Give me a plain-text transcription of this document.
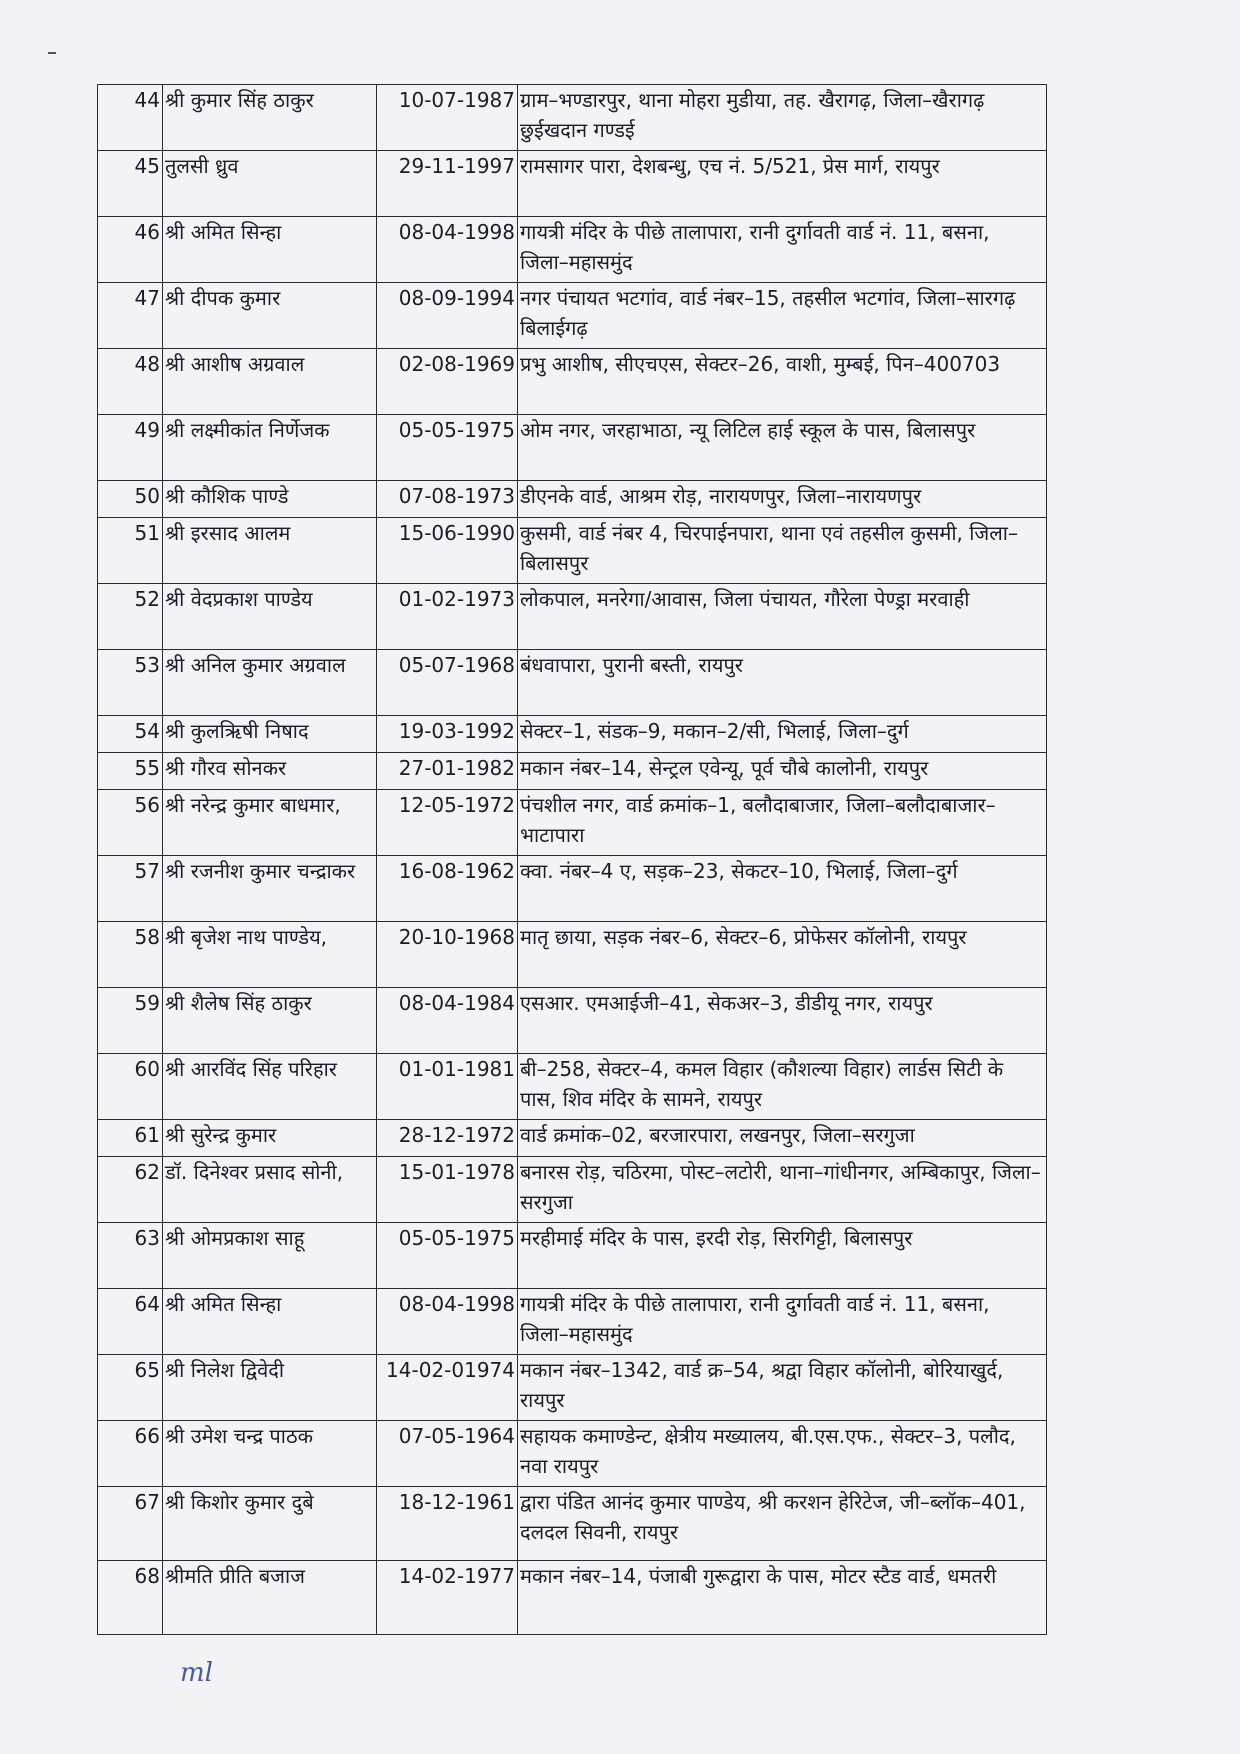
44	श्री कुमार सिंह ठाकुर	10-07-1987	ग्राम–भण्डारपुर, थाना मोहरा मुडीया, तह. खैरागढ़, जिला–खैरागढ़ छुईखदान गण्डई
45	तुलसी ध्रुव	29-11-1997	रामसागर पारा, देशबन्धु, एच नं. 5/521, प्रेस मार्ग, रायपुर
46	श्री अमित सिन्हा	08-04-1998	गायत्री मंदिर के पीछे तालापारा, रानी दुर्गावती वार्ड नं. 11, बसना, जिला–महासमुंद
47	श्री दीपक कुमार	08-09-1994	नगर पंचायत भटगांव, वार्ड नंबर–15, तहसील भटगांव, जिला–सारगढ़ बिलाईगढ़
48	श्री आशीष अग्रवाल	02-08-1969	प्रभु आशीष, सीएचएस, सेक्टर–26, वाशी, मुम्बई, पिन–400703
49	श्री लक्ष्मीकांत निर्णेजक	05-05-1975	ओम नगर, जरहाभाठा, न्यू लिटिल हाई स्कूल के पास, बिलासपुर
50	श्री कौशिक पाण्डे	07-08-1973	डीएनके वार्ड, आश्रम रोड़, नारायणपुर, जिला–नारायणपुर
51	श्री इरसाद आलम	15-06-1990	कुसमी, वार्ड नंबर 4, चिरपाईनपारा, थाना एवं तहसील कुसमी, जिला–बिलासपुर
52	श्री वेदप्रकाश पाण्डेय	01-02-1973	लोकपाल, मनरेगा/आवास, जिला पंचायत, गौरेला पेण्ड्रा मरवाही
53	श्री अनिल कुमार अग्रवाल	05-07-1968	बंधवापारा, पुरानी बस्ती, रायपुर
54	श्री कुलऋिषी निषाद	19-03-1992	सेक्टर–1, संडक–9, मकान–2/सी, भिलाई, जिला–दुर्ग
55	श्री गौरव सोनकर	27-01-1982	मकान नंबर–14, सेन्ट्रल एवेन्यू, पूर्व चौबे कालोनी, रायपुर
56	श्री नरेन्द्र कुमार बाधमार,	12-05-1972	पंचशील नगर, वार्ड क्रमांक–1, बलौदाबाजार, जिला–बलौदाबाजार–भाटापारा
57	श्री रजनीश कुमार चन्द्राकर	16-08-1962	क्वा. नंबर–4 ए, सड़क–23, सेकटर–10, भिलाई, जिला–दुर्ग
58	श्री बृजेश नाथ पाण्डेय,	20-10-1968	मातृ छाया, सड़क नंबर–6, सेक्टर–6, प्रोफेसर कॉलोनी, रायपुर
59	श्री शैलेष सिंह ठाकुर	08-04-1984	एसआर. एमआईजी–41, सेकअर–3, डीडीयू नगर, रायपुर
60	श्री आरविंद सिंह परिहार	01-01-1981	बी–258, सेक्टर–4, कमल विहार (कौशल्या विहार) लार्डस सिटी के पास, शिव मंदिर के सामने, रायपुर
61	श्री सुरेन्द्र कुमार	28-12-1972	वार्ड क्रमांक–02, बरजारपारा, लखनपुर, जिला–सरगुजा
62	डॉ. दिनेश्वर प्रसाद सोनी,	15-01-1978	बनारस रोड़, चठिरमा, पोस्ट–लटोरी, थाना–गांधीनगर, अम्बिकापुर, जिला–सरगुजा
63	श्री ओमप्रकाश साहू	05-05-1975	मरहीमाई मंदिर के पास, इरदी रोड़, सिरगिट्टी, बिलासपुर
64	श्री अमित सिन्हा	08-04-1998	गायत्री मंदिर के पीछे तालापारा, रानी दुर्गावती वार्ड नं. 11, बसना, जिला–महासमुंद
65	श्री निलेश द्विवेदी	14-02-01974	मकान नंबर–1342, वार्ड क्र–54, श्रद्वा विहार कॉलोनी, बोरियाखुर्द, रायपुर
66	श्री उमेश चन्द्र पाठक	07-05-1964	सहायक कमाण्डेन्ट, क्षेत्रीय मख्यालय, बी.एस.एफ., सेक्टर–3, पलौद, नवा रायपुर
67	श्री किशोर कुमार दुबे	18-12-1961	द्वारा पंडित आनंद कुमार पाण्डेय, श्री करशन हेरिटेज, जी–ब्लॉक–401, दलदल सिवनी, रायपुर
68	श्रीमति प्रीति बजाज	14-02-1977	मकान नंबर–14, पंजाबी गुरूद्वारा के पास, मोटर स्टैड वार्ड, धमतरी
ml
